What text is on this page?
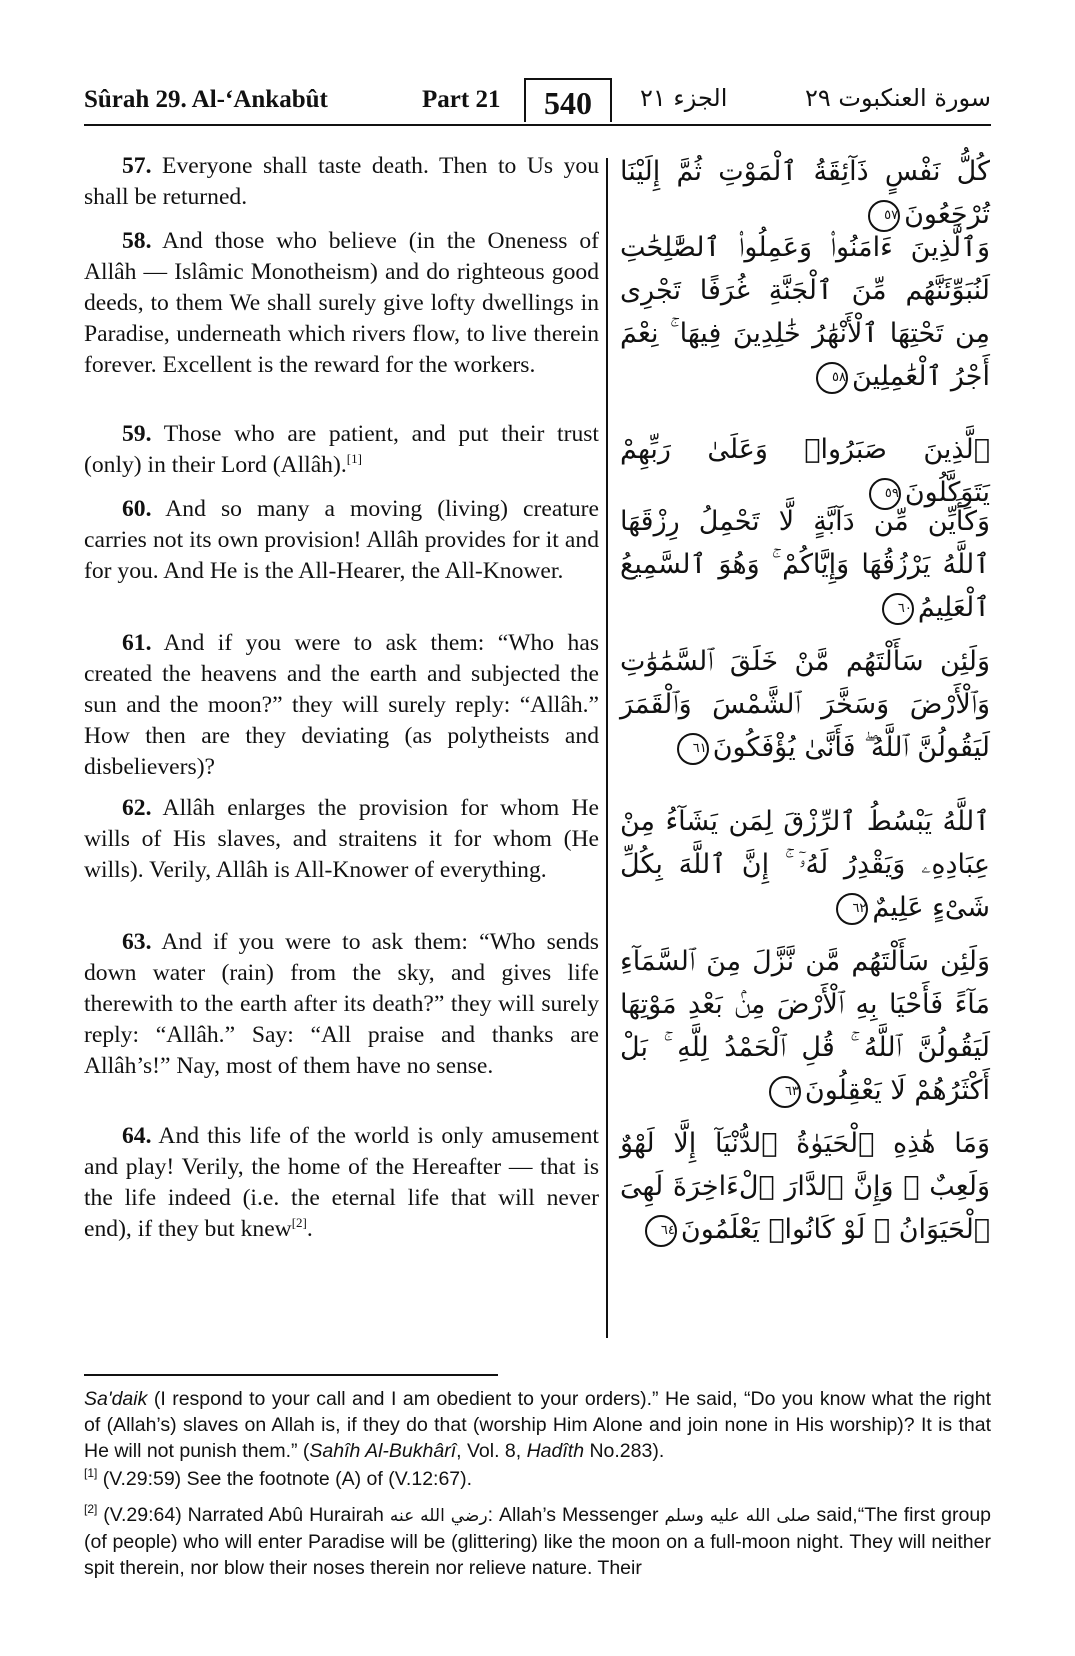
Sûrah 29. Al-‘Ankabût	Part 21	540	الجزء ٢١	سورة العنكبوت ٢٩

57. Everyone shall taste death. Then to Us you shall be returned.

كُلُّ نَفْسٍ ذَآئِقَةُ ٱلْمَوْتِ ثُمَّ إِلَيْنَا تُرْجَعُونَ٥٧

58. And those who believe (in the Oneness of Allâh — Islâmic Monotheism) and do righteous good deeds, to them We shall surely give lofty dwellings in Paradise, underneath which rivers flow, to live therein forever. Excellent is the reward for the workers.

وَٱلَّذِينَ ءَامَنُوا۟ وَعَمِلُوا۟ ٱلصَّٰلِحَٰتِ لَنُبَوِّئَنَّهُم مِّنَ ٱلْجَنَّةِ غُرَفًا تَجْرِى مِن تَحْتِهَا ٱلْأَنْهَٰرُ خَٰلِدِينَ فِيهَا ۚ نِعْمَ أَجْرُ ٱلْعَٰمِلِينَ٥٨

59. Those who are patient, and put their trust (only) in their Lord (Allâh).[1]	ٱلَّذِينَ صَبَرُوا۟ وَعَلَىٰ رَبِّهِمْ يَتَوَكَّلُونَ٥٩

60. And so many a moving (living) creature carries not its own provision! Allâh provides for it and for you. And He is the All-Hearer, the All-Knower.

وَكَأَيِّن مِّن دَآبَّةٍ لَّا تَحْمِلُ رِزْقَهَا ٱللَّهُ يَرْزُقُهَا وَإِيَّاكُمْ ۚ وَهُوَ ٱلسَّمِيعُ ٱلْعَلِيمُ٦٠

61. And if you were to ask them: “Who has created the heavens and the earth and subjected the sun and the moon?” they will surely reply: “Allâh.” How then are they deviating (as polytheists and disbelievers)?

وَلَئِن سَأَلْتَهُم مَّنْ خَلَقَ ٱلسَّمَٰوَٰتِ وَٱلْأَرْضَ وَسَخَّرَ ٱلشَّمْسَ وَٱلْقَمَرَ لَيَقُولُنَّ ٱللَّهُ ۖ فَأَنَّىٰ يُؤْفَكُونَ٦١

62. Allâh enlarges the provision for whom He wills of His slaves, and straitens it for whom (He wills). Verily, Allâh is All-Knower of everything.

ٱللَّهُ يَبْسُطُ ٱلرِّزْقَ لِمَن يَشَآءُ مِنْ عِبَادِهِۦ وَيَقْدِرُ لَهُۥٓ ۚ إِنَّ ٱللَّهَ بِكُلِّ شَىْءٍ عَلِيمٌ٦٢

63. And if you were to ask them: “Who sends down water (rain) from the sky, and gives life therewith to the earth after its death?” they will surely reply: “Allâh.” Say: “All praise and thanks are Allâh’s!” Nay, most of them have no sense.

وَلَئِن سَأَلْتَهُم مَّن نَّزَّلَ مِنَ ٱلسَّمَآءِ مَآءً فَأَحْيَا بِهِ ٱلْأَرْضَ مِنۢ بَعْدِ مَوْتِهَا لَيَقُولُنَّ ٱللَّهُ ۚ قُلِ ٱلْحَمْدُ لِلَّهِ ۚ بَلْ أَكْثَرُهُمْ لَا يَعْقِلُونَ٦٣

64. And this life of the world is only amusement and play! Verily, the home of the Hereafter — that is the life indeed (i.e. the eternal life that will never end), if they but knew[2].

وَمَا هَٰذِهِ ٱلْحَيَوٰةُ ٱلدُّنْيَآ إِلَّا لَهْوٌ وَلَعِبٌ ۚ وَإِنَّ ٱلدَّارَ ٱلْءَاخِرَةَ لَهِىَ ٱلْحَيَوَانُ ۚ لَوْ كَانُوا۟ يَعْلَمُونَ٦٤

Sa'daik (I respond to your call and I am obedient to your orders).” He said, “Do you know what the right of (Allah’s) slaves on Allah is, if they do that (worship Him Alone and join none in His worship)? It is that He will not punish them.” (Sahîh Al-Bukhârî, Vol. 8, Hadîth No.283).

[1] (V.29:59) See the footnote (A) of (V.12:67).

[2] (V.29:64) Narrated Abû Hurairah رضي الله عنه: Allah’s Messenger صلى الله عليه وسلم said,“The first group (of people) who will enter Paradise will be (glittering) like the moon on a full-moon night. They will neither spit therein, nor blow their noses therein nor relieve nature. Their
